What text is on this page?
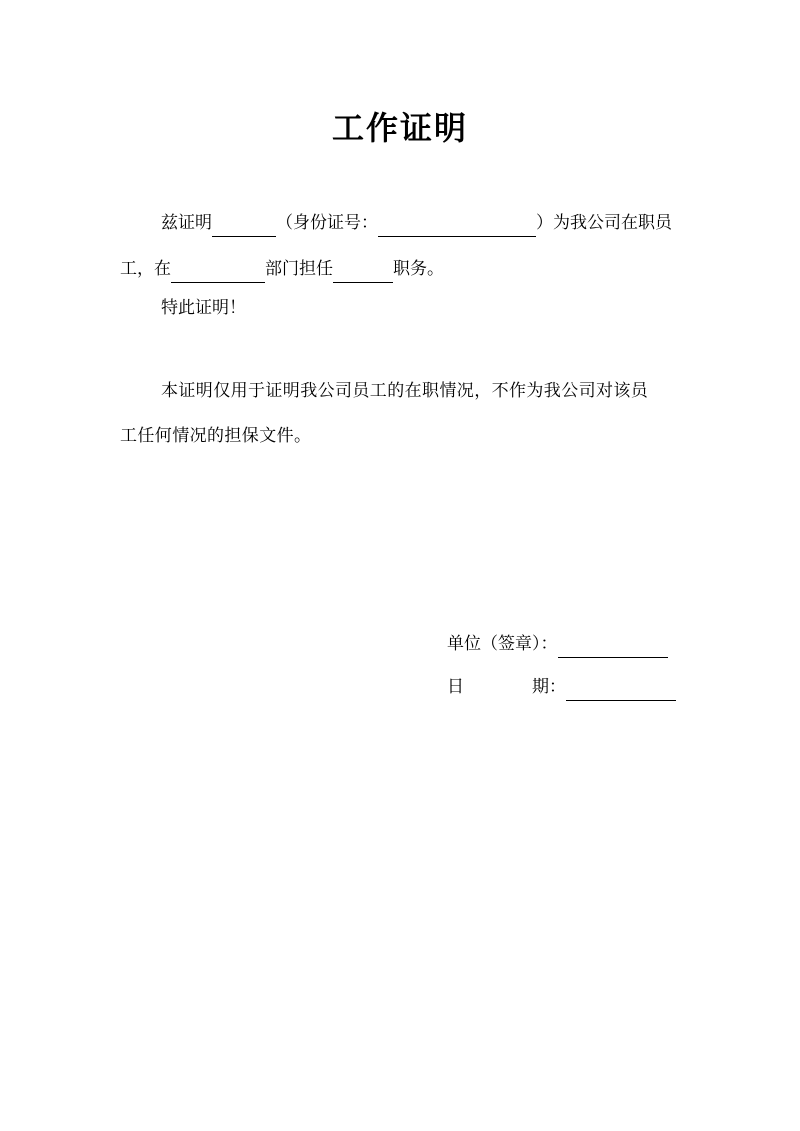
工作证明
兹证明	（身份证号：	）为我公司在职员
工，在	部门担任	职务。
特此证明！
本证明仅用于证明我公司员工的在职情况，不作为我公司对该员
工任何情况的担保文件。
单位（签章）：
日	期：
